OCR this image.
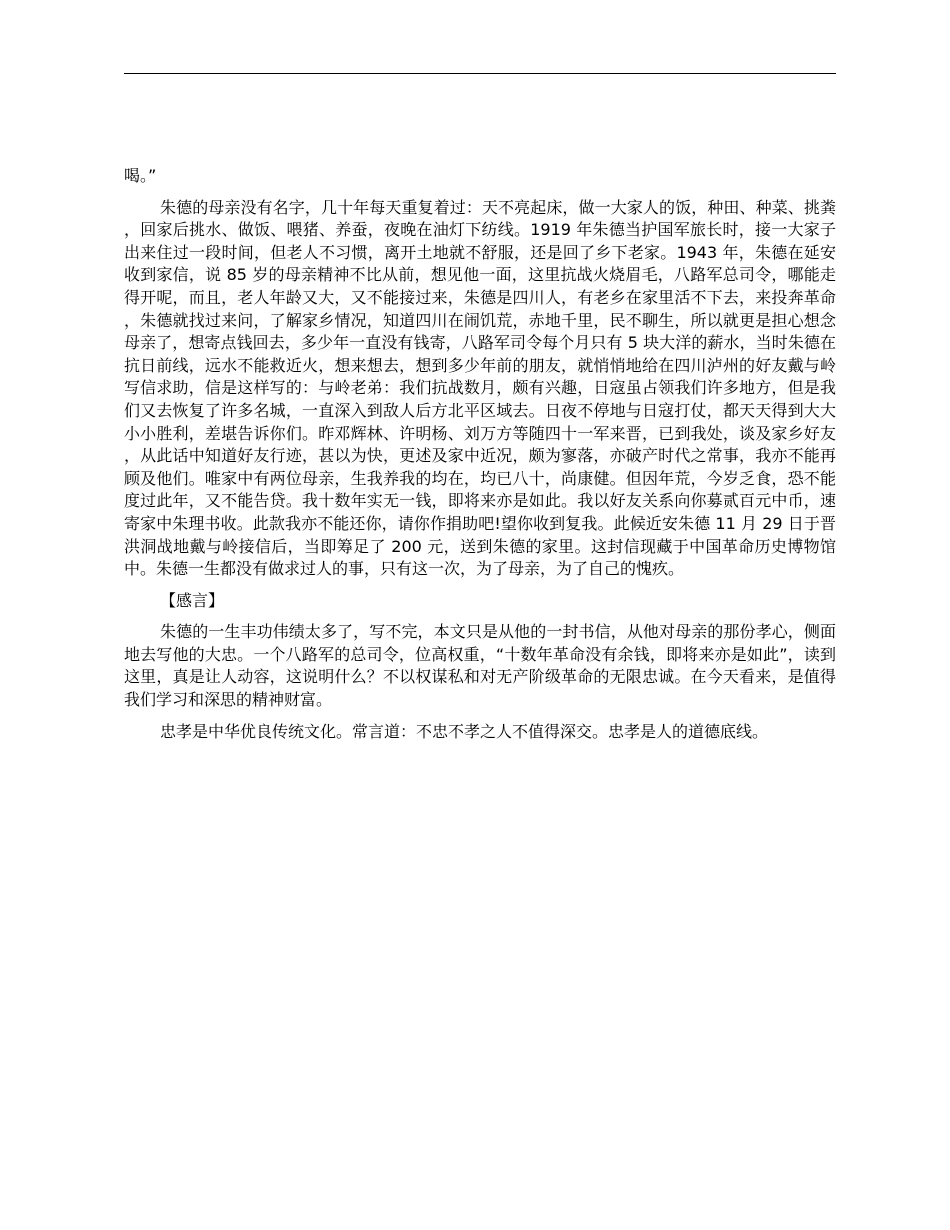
喝。”

朱德的母亲没有名字，几十年每天重复着过：天不亮起床，做一大家人的饭，种田、种菜、挑粪，回家后挑水、做饭、喂猪、养蚕，夜晚在油灯下纺线。1919 年朱德当护国军旅长时，接一大家子出来住过一段时间，但老人不习惯，离开土地就不舒服，还是回了乡下老家。1943 年，朱德在延安收到家信，说 85 岁的母亲精神不比从前，想见他一面，这里抗战火烧眉毛，八路军总司令，哪能走得开呢，而且，老人年龄又大，又不能接过来，朱德是四川人，有老乡在家里活不下去，来投奔革命，朱德就找过来问，了解家乡情况，知道四川在闹饥荒，赤地千里，民不聊生，所以就更是担心想念母亲了，想寄点钱回去，多少年一直没有钱寄，八路军司令每个月只有 5 块大洋的薪水，当时朱德在抗日前线，远水不能救近火，想来想去，想到多少年前的朋友，就悄悄地给在四川泸州的好友戴与岭写信求助，信是这样写的：与岭老弟：我们抗战数月，颇有兴趣，日寇虽占领我们许多地方，但是我们又去恢复了许多名城，一直深入到敌人后方北平区域去。日夜不停地与日寇打仗，都天天得到大大小小胜利，差堪告诉你们。昨邓辉林、许明杨、刘万方等随四十一军来晋，已到我处，谈及家乡好友，从此话中知道好友行迹，甚以为快，更述及家中近况，颇为寥落，亦破产时代之常事，我亦不能再顾及他们。唯家中有两位母亲，生我养我的均在，均已八十，尚康健。但因年荒，今岁乏食，恐不能度过此年，又不能告贷。我十数年实无一钱，即将来亦是如此。我以好友关系向你募贰百元中币，速寄家中朱理书收。此款我亦不能还你，请你作捐助吧!望你收到复我。此候近安朱德 11 月 29 日于晋洪洞战地戴与岭接信后，当即筹足了 200 元，送到朱德的家里。这封信现藏于中国革命历史博物馆中。朱德一生都没有做求过人的事，只有这一次，为了母亲，为了自己的愧疚。

【感言】

朱德的一生丰功伟绩太多了，写不完，本文只是从他的一封书信，从他对母亲的那份孝心，侧面地去写他的大忠。一个八路军的总司令，位高权重，“十数年革命没有余钱，即将来亦是如此”，读到这里，真是让人动容，这说明什么？不以权谋私和对无产阶级革命的无限忠诚。在今天看来，是值得我们学习和深思的精神财富。

忠孝是中华优良传统文化。常言道：不忠不孝之人不值得深交。忠孝是人的道德底线。
